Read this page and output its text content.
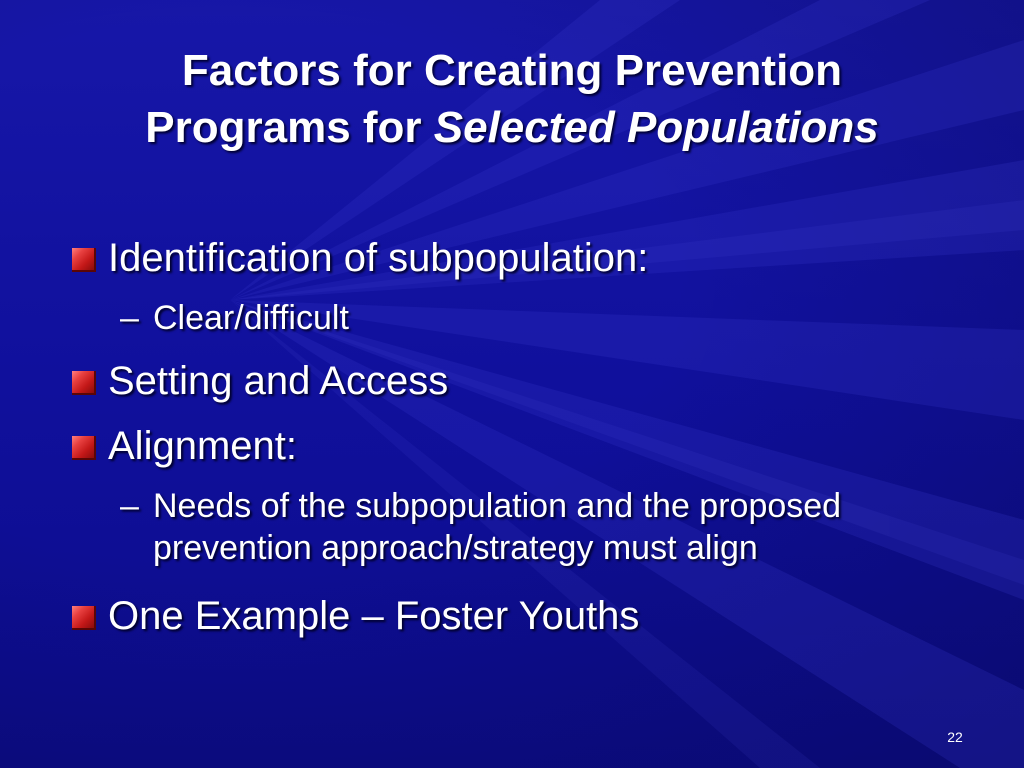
Factors for Creating Prevention
Programs for Selected Populations
Identification of subpopulation:
– Clear/difficult
Setting and Access
Alignment:
– Needs of the subpopulation and the proposed
prevention approach/strategy must align
One Example – Foster Youths
22
